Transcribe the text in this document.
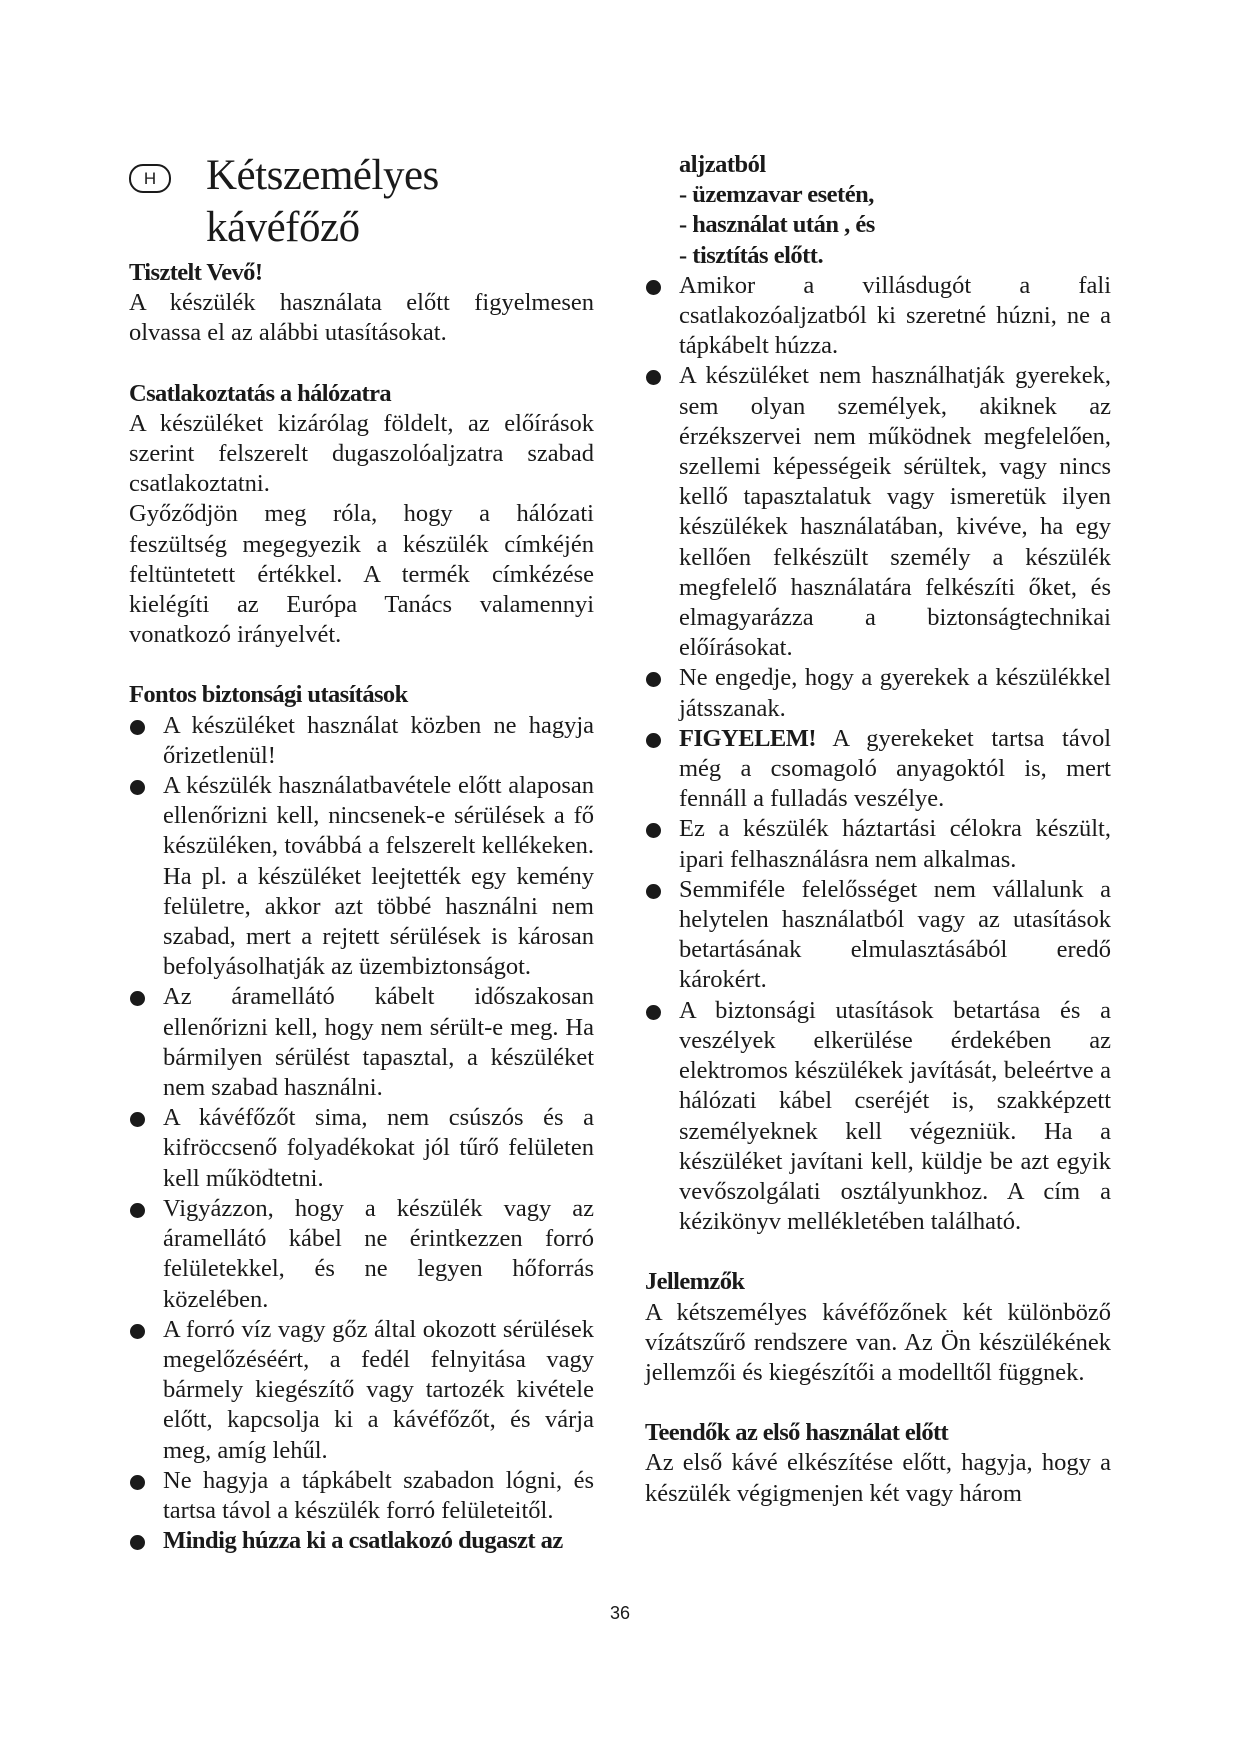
H	Kétszemélyes kávéfőző

Tisztelt Vevő!

A készülék használata előtt figyelmesen olvassa el az alábbi utasításokat.

Csatlakoztatás a hálózatra

A készüléket kizárólag földelt, az előírások szerint felszerelt dugaszolóaljzatra szabad csatlakoztatni.

Győződjön meg róla, hogy a hálózati feszültség megegyezik a készülék címkéjén feltüntetett értékkel. A termék címkézése kielégíti az Európa Tanács valamennyi vonatkozó irányelvét.

Fontos biztonsági utasítások

A készüléket használat közben ne hagyja őrizetlenül!
A készülék használatbavétele előtt alaposan ellenőrizni kell, nincsenek-e sérülések a fő készüléken, továbbá a felszerelt kellékeken. Ha pl. a készüléket leejtették egy kemény felületre, akkor azt többé használni nem szabad, mert a rejtett sérülések is károsan befolyásolhatják az üzembiztonságot.
Az áramellátó kábelt időszakosan ellenőrizni kell, hogy nem sérült-e meg. Ha bármilyen sérülést tapasztal, a készüléket nem szabad használni.
A kávéfőzőt sima, nem csúszós és a kifröccsenő folyadékokat jól tűrő felületen kell működtetni.
Vigyázzon, hogy a készülék vagy az áramellátó kábel ne érintkezzen forró felületekkel, és ne legyen hőforrás közelében.
A forró víz vagy gőz által okozott sérülések megelőzéséért, a fedél felnyitása vagy bármely kiegészítő vagy tartozék kivétele előtt, kapcsolja ki a kávéfőzőt, és várja meg, amíg lehűl.
Ne hagyja a tápkábelt szabadon lógni, és tartsa távol a készülék forró felületeitől.
Mindig húzza ki a csatlakozó dugaszt az

aljzatból

- üzemzavar esetén,
- használat után , és
- tisztítás előtt.
Amikor a villásdugót a fali csatlakozóaljzatból ki szeretné húzni, ne a tápkábelt húzza.
A készüléket nem használhatják gyerekek, sem olyan személyek, akiknek az érzékszervei nem működnek megfelelően, szellemi képességeik sérültek, vagy nincs kellő tapasztalatuk vagy ismeretük ilyen készülékek használatában, kivéve, ha egy kellően felkészült személy a készülék megfelelő használatára felkészíti őket, és elmagyarázza a biztonságtechnikai előírásokat.
Ne engedje, hogy a gyerekek a készülékkel játsszanak.
FIGYELEM! A gyerekeket tartsa távol még a csomagoló anyagoktól is, mert fennáll a fulladás veszélye.
Ez a készülék háztartási célokra készült, ipari felhasználásra nem alkalmas.
Semmiféle felelősséget nem vállalunk a helytelen használatból vagy az utasítások betartásának elmulasztásából eredő károkért.
A biztonsági utasítások betartása és a veszélyek elkerülése érdekében az elektromos készülékek javítását, beleértve a hálózati kábel cseréjét is, szakképzett személyeknek kell végezniük. Ha a készüléket javítani kell, küldje be azt egyik vevőszolgálati osztályunkhoz. A cím a kézikönyv mellékletében található.

Jellemzők

A kétszemélyes kávéfőzőnek két különböző vízátszűrő rendszere van. Az Ön készülékének jellemzői és kiegészítői a modelltől függnek.

Teendők az első használat előtt

Az első kávé elkészítése előtt, hagyja, hogy a készülék végigmenjen két vagy három

36
